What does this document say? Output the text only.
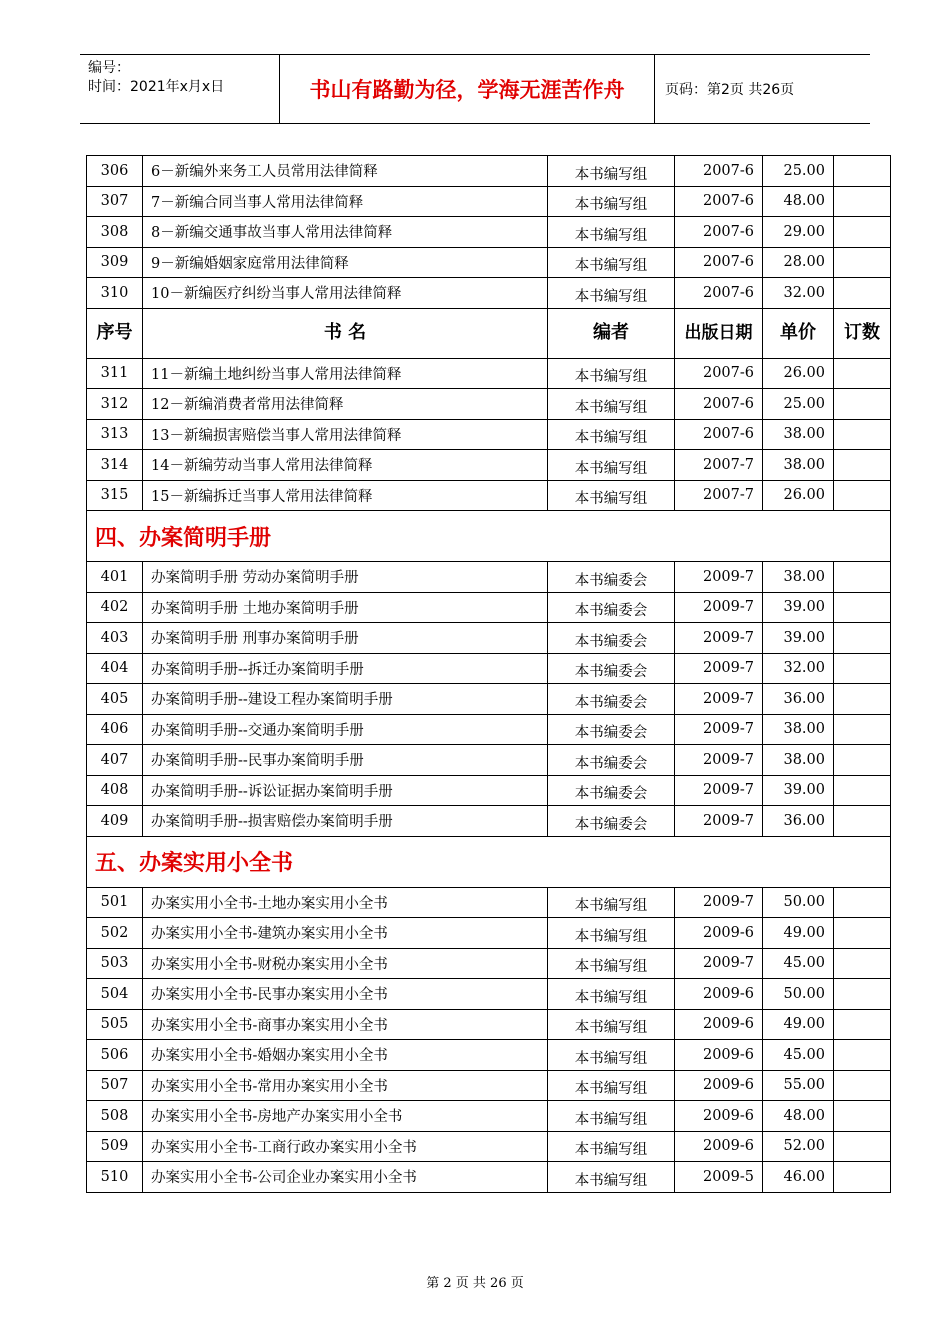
编号：
时间：2021年x月x日	书山有路勤为径，学海无涯苦作舟	页码：第2页 共26页
306	6－新编外来务工人员常用法律简释	本书编写组	2007-6	25.00	
307	7－新编合同当事人常用法律简释	本书编写组	2007-6	48.00	
308	8－新编交通事故当事人常用法律简释	本书编写组	2007-6	29.00	
309	9－新编婚姻家庭常用法律简释	本书编写组	2007-6	28.00	
310	10－新编医疗纠纷当事人常用法律简释	本书编写组	2007-6	32.00	
序号	书 名	编者	出版日期	单价	订数
311	11－新编土地纠纷当事人常用法律简释	本书编写组	2007-6	26.00	
312	12－新编消费者常用法律简释	本书编写组	2007-6	25.00	
313	13－新编损害赔偿当事人常用法律简释	本书编写组	2007-6	38.00	
314	14－新编劳动当事人常用法律简释	本书编写组	2007-7	38.00	
315	15－新编拆迁当事人常用法律简释	本书编写组	2007-7	26.00	
四、办案简明手册					
401	办案简明手册 劳动办案简明手册	本书编委会	2009-7	38.00	
402	办案简明手册 土地办案简明手册	本书编委会	2009-7	39.00	
403	办案简明手册 刑事办案简明手册	本书编委会	2009-7	39.00	
404	办案简明手册--拆迁办案简明手册	本书编委会	2009-7	32.00	
405	办案简明手册--建设工程办案简明手册	本书编委会	2009-7	36.00	
406	办案简明手册--交通办案简明手册	本书编委会	2009-7	38.00	
407	办案简明手册--民事办案简明手册	本书编委会	2009-7	38.00	
408	办案简明手册--诉讼证据办案简明手册	本书编委会	2009-7	39.00	
409	办案简明手册--损害赔偿办案简明手册	本书编委会	2009-7	36.00	
五、办案实用小全书					
501	办案实用小全书-土地办案实用小全书	本书编写组	2009-7	50.00	
502	办案实用小全书-建筑办案实用小全书	本书编写组	2009-6	49.00	
503	办案实用小全书-财税办案实用小全书	本书编写组	2009-7	45.00	
504	办案实用小全书-民事办案实用小全书	本书编写组	2009-6	50.00	
505	办案实用小全书-商事办案实用小全书	本书编写组	2009-6	49.00	
506	办案实用小全书-婚姻办案实用小全书	本书编写组	2009-6	45.00	
507	办案实用小全书-常用办案实用小全书	本书编写组	2009-6	55.00	
508	办案实用小全书-房地产办案实用小全书	本书编写组	2009-6	48.00	
509	办案实用小全书-工商行政办案实用小全书	本书编写组	2009-6	52.00	
510	办案实用小全书-公司企业办案实用小全书	本书编写组	2009-5	46.00	
第 2 页 共 26 页
